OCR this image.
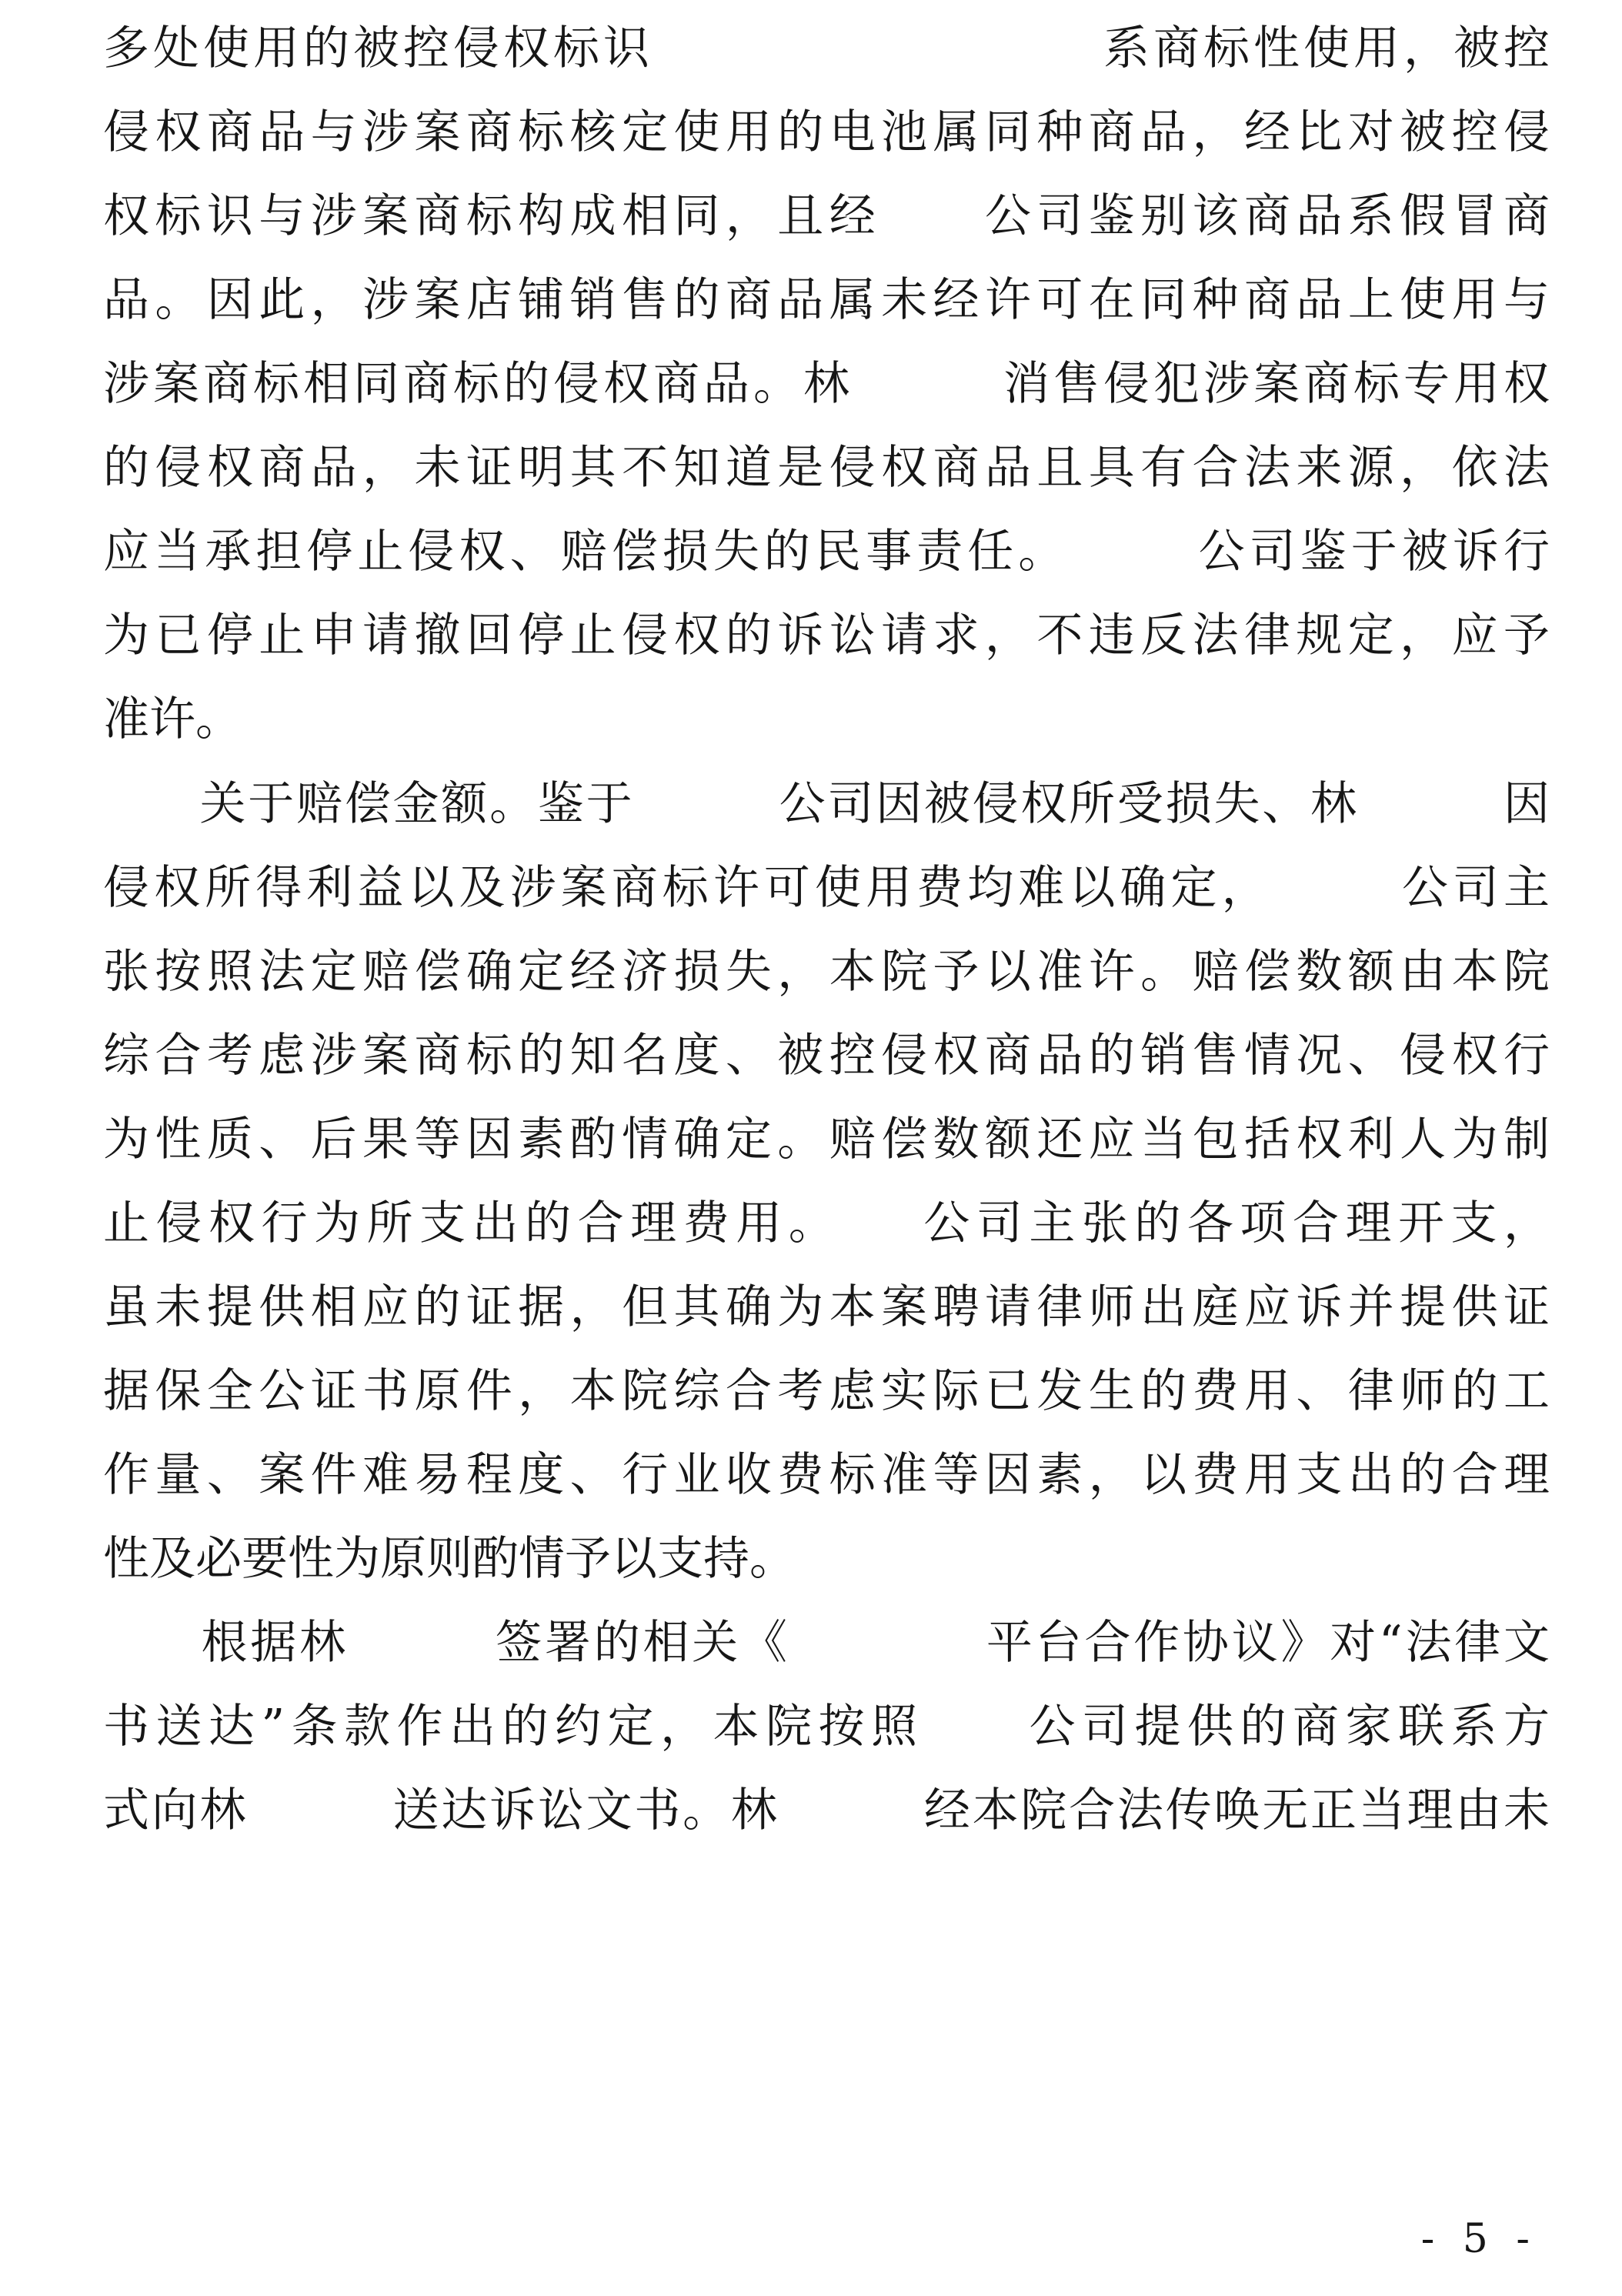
多处使用的被控侵权标识　　　　　　　　　系商标性使用，被控
侵权商品与涉案商标核定使用的电池属同种商品，经比对被控侵
权标识与涉案商标构成相同，且经　　公司鉴别该商品系假冒商
品。因此，涉案店铺销售的商品属未经许可在同种商品上使用与
涉案商标相同商标的侵权商品。林　　　消售侵犯涉案商标专用权
的侵权商品，未证明其不知道是侵权商品且具有合法来源，依法
应当承担停止侵权、赔偿损失的民事责任。　　　公司鉴于被诉行
为已停止申请撤回停止侵权的诉讼请求，不违反法律规定，应予
准许。
　　关于赔偿金额。鉴于　　　公司因被侵权所受损失、林　　　因
侵权所得利益以及涉案商标许可使用费均难以确定，　　　公司主
张按照法定赔偿确定经济损失，本院予以准许。赔偿数额由本院
综合考虑涉案商标的知名度、被控侵权商品的销售情况、侵权行
为性质、后果等因素酌情确定。赔偿数额还应当包括权利人为制
止侵权行为所支出的合理费用。　　公司主张的各项合理开支，
虽未提供相应的证据，但其确为本案聘请律师出庭应诉并提供证
据保全公证书原件，本院综合考虑实际已发生的费用、律师的工
作量、案件难易程度、行业收费标准等因素，以费用支出的合理
性及必要性为原则酌情予以支持。
　　根据林　　　签署的相关《　　　　平台合作协议》对“法律文
书送达”条款作出的约定，本院按照　　公司提供的商家联系方
式向林　　　送达诉讼文书。林　　　经本院合法传唤无正当理由未
- 5 -
